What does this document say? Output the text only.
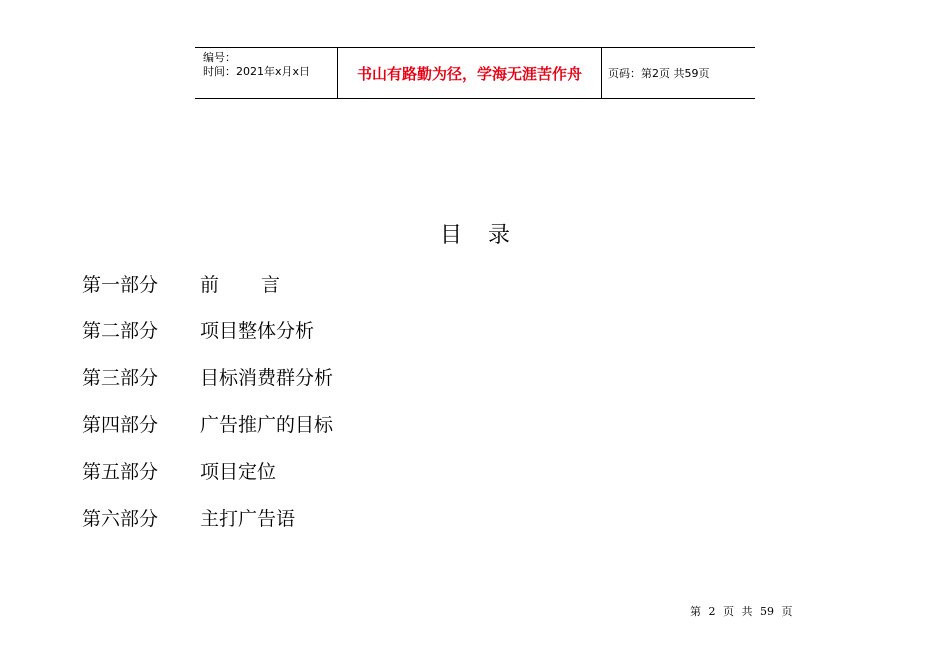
编号：
时间：2021年x月x日	书山有路勤为径，学海无涯苦作舟 页码：第2页 共59页
目录
第一部分	前言
第二部分	项目整体分析
第三部分	目标消费群分析
第四部分	广告推广的目标
第五部分	项目定位
第六部分	主打广告语
第 2 页 共 59 页
